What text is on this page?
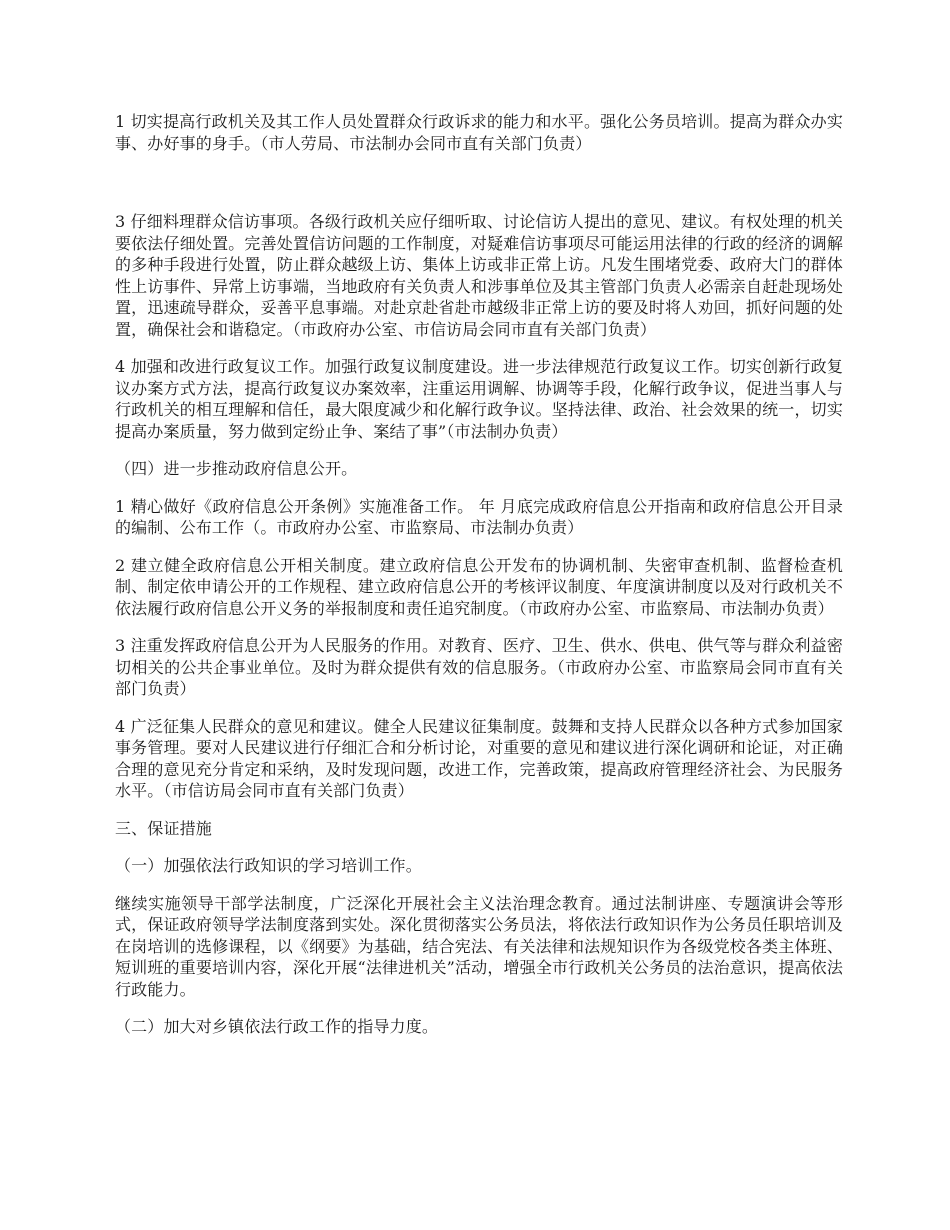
1 切实提高行政机关及其工作人员处置群众行政诉求的能力和水平。强化公务员培训。提高为群众办实事、办好事的身手。（市人劳局、市法制办会同市直有关部门负责）

3 仔细料理群众信访事项。各级行政机关应仔细听取、讨论信访人提出的意见、建议。有权处理的机关要依法仔细处置。完善处置信访问题的工作制度，对疑难信访事项尽可能运用法律的行政的经济的调解的多种手段进行处置，防止群众越级上访、集体上访或非正常上访。凡发生围堵党委、政府大门的群体性上访事件、异常上访事端，当地政府有关负责人和涉事单位及其主管部门负责人必需亲自赶赴现场处置，迅速疏导群众，妥善平息事端。对赴京赴省赴市越级非正常上访的要及时将人劝回，抓好问题的处置，确保社会和谐稳定。（市政府办公室、市信访局会同市直有关部门负责）

4 加强和改进行政复议工作。加强行政复议制度建设。进一步法律规范行政复议工作。切实创新行政复议办案方式方法，提高行政复议办案效率，注重运用调解、协调等手段，化解行政争议，促进当事人与行政机关的相互理解和信任，最大限度减少和化解行政争议。坚持法律、政治、社会效果的统一，切实提高办案质量，努力做到定纷止争、案结了事”（市法制办负责）

（四）进一步推动政府信息公开。

1 精心做好《政府信息公开条例》实施准备工作。 年 月底完成政府信息公开指南和政府信息公开目录的编制、公布工作（。市政府办公室、市监察局、市法制办负责）

2 建立健全政府信息公开相关制度。建立政府信息公开发布的协调机制、失密审查机制、监督检查机制、制定依申请公开的工作规程、建立政府信息公开的考核评议制度、年度演讲制度以及对行政机关不依法履行政府信息公开义务的举报制度和责任追究制度。（市政府办公室、市监察局、市法制办负责）

3 注重发挥政府信息公开为人民服务的作用。对教育、医疗、卫生、供水、供电、供气等与群众利益密切相关的公共企事业单位。及时为群众提供有效的信息服务。（市政府办公室、市监察局会同市直有关部门负责）

4 广泛征集人民群众的意见和建议。健全人民建议征集制度。鼓舞和支持人民群众以各种方式参加国家事务管理。要对人民建议进行仔细汇合和分析讨论，对重要的意见和建议进行深化调研和论证，对正确合理的意见充分肯定和采纳，及时发现问题，改进工作，完善政策，提高政府管理经济社会、为民服务水平。（市信访局会同市直有关部门负责）

三、保证措施

（一）加强依法行政知识的学习培训工作。

继续实施领导干部学法制度，广泛深化开展社会主义法治理念教育。通过法制讲座、专题演讲会等形式，保证政府领导学法制度落到实处。深化贯彻落实公务员法，将依法行政知识作为公务员任职培训及在岗培训的选修课程，以《纲要》为基础，结合宪法、有关法律和法规知识作为各级党校各类主体班、短训班的重要培训内容，深化开展“法律进机关”活动，增强全市行政机关公务员的法治意识，提高依法行政能力。

（二）加大对乡镇依法行政工作的指导力度。
